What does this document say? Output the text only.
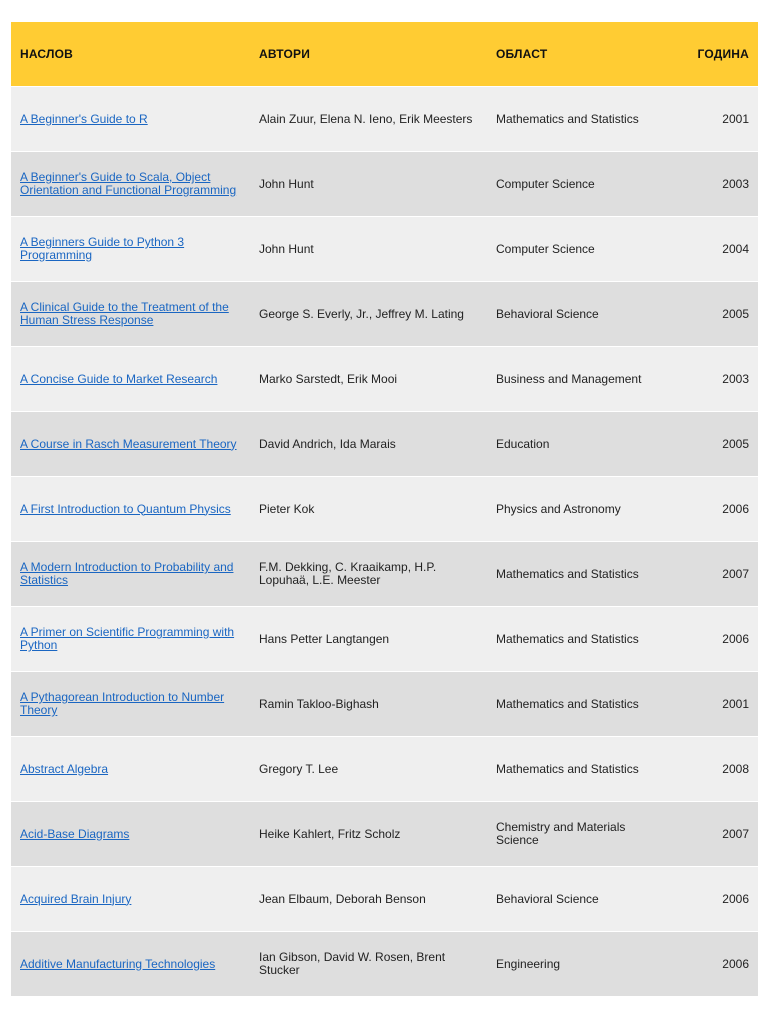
НАСЛОВ	АВТОРИ	ОБЛАСТ	ГОДИНА
A Beginner's Guide to R	Alain Zuur, Elena N. Ieno, Erik Meesters	Mathematics and Statistics	2001
A Beginner's Guide to Scala, Object Orientation and Functional Programming	John Hunt	Computer Science	2003
A Beginners Guide to Python 3 Programming	John Hunt	Computer Science	2004
A Clinical Guide to the Treatment of the Human Stress Response	George S. Everly, Jr., Jeffrey M. Lating	Behavioral Science	2005
A Concise Guide to Market Research	Marko Sarstedt, Erik Mooi	Business and Management	2003
A Course in Rasch Measurement Theory	David Andrich, Ida Marais	Education	2005
A First Introduction to Quantum Physics	Pieter Kok	Physics and Astronomy	2006
A Modern Introduction to Probability and Statistics	F.M. Dekking, C. Kraaikamp, H.P. Lopuhaä, L.E. Meester	Mathematics and Statistics	2007
A Primer on Scientific Programming with Python	Hans Petter Langtangen	Mathematics and Statistics	2006
A Pythagorean Introduction to Number Theory	Ramin Takloo-Bighash	Mathematics and Statistics	2001
Abstract Algebra	Gregory T. Lee	Mathematics and Statistics	2008
Acid-Base Diagrams	Heike Kahlert, Fritz Scholz	Chemistry and Materials Science	2007
Acquired Brain Injury	Jean Elbaum, Deborah Benson	Behavioral Science	2006
Additive Manufacturing Technologies	Ian Gibson, David W. Rosen, Brent Stucker	Engineering	2006
